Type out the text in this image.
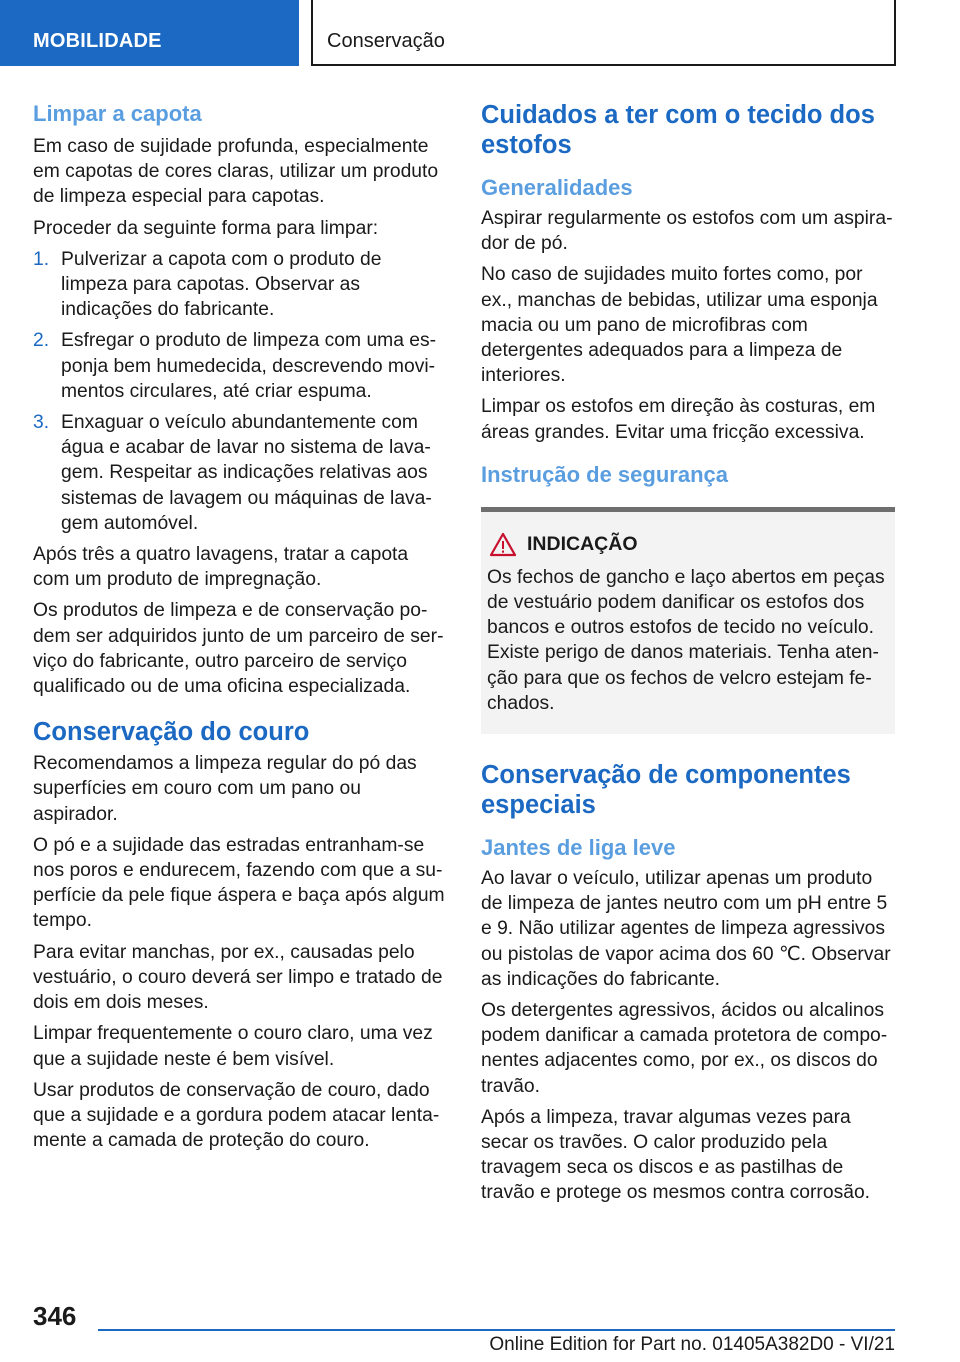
MOBILIDADE	Conservação
Limpar a capota

Em caso de sujidade profunda, especialmente em capotas de cores claras, utilizar um produto de limpeza especial para capotas.

Proceder da seguinte forma para limpar:

1. Pulverizar a capota com o produto de limpeza para capotas. Observar as indicações do fabricante.
2. Esfregar o produto de limpeza com uma esponja bem humedecida, descrevendo movimentos circulares, até criar espuma.
3. Enxaguar o veículo abundantemente com água e acabar de lavar no sistema de lavagem. Respeitar as indicações relativas aos sistemas de lavagem ou máquinas de lavagem automóvel.

Após três a quatro lavagens, tratar a capota com um produto de impregnação.

Os produtos de limpeza e de conservação podem ser adquiridos junto de um parceiro de serviço do fabricante, outro parceiro de serviço qualificado ou de uma oficina especializada.

Conservação do couro

Recomendamos a limpeza regular do pó das superfícies em couro com um pano ou aspirador.

O pó e a sujidade das estradas entranham-se nos poros e endurecem, fazendo com que a superfície da pele fique áspera e baça após algum tempo.

Para evitar manchas, por ex., causadas pelo vestuário, o couro deverá ser limpo e tratado de dois em dois meses.

Limpar frequentemente o couro claro, uma vez que a sujidade neste é bem visível.

Usar produtos de conservação de couro, dado que a sujidade e a gordura podem atacar lentamente a camada de proteção do couro.

Cuidados a ter com o tecido dos estofos
Generalidades

Aspirar regularmente os estofos com um aspirador de pó.

No caso de sujidades muito fortes como, por ex., manchas de bebidas, utilizar uma esponja macia ou um pano de microfibras com detergentes adequados para a limpeza de interiores.

Limpar os estofos em direção às costuras, em áreas grandes. Evitar uma fricção excessiva.

Instrução de segurança
INDICAÇÃO

Os fechos de gancho e laço abertos em peças de vestuário podem danificar os estofos dos bancos e outros estofos de tecido no veículo. Existe perigo de danos materiais. Tenha atenção para que os fechos de velcro estejam fechados.

Conservação de componentes especiais
Jantes de liga leve

Ao lavar o veículo, utilizar apenas um produto de limpeza de jantes neutro com um pH entre 5 e 9. Não utilizar agentes de limpeza agressivos ou pistolas de vapor acima dos 60 ℃. Observar as indicações do fabricante.

Os detergentes agressivos, ácidos ou alcalinos podem danificar a camada protetora de componentes adjacentes como, por ex., os discos do travão.

Após a limpeza, travar algumas vezes para secar os travões. O calor produzido pela travagem seca os discos e as pastilhas de travão e protege os mesmos contra corrosão.

346
Online Edition for Part no. 01405A382D0 - VI/21
